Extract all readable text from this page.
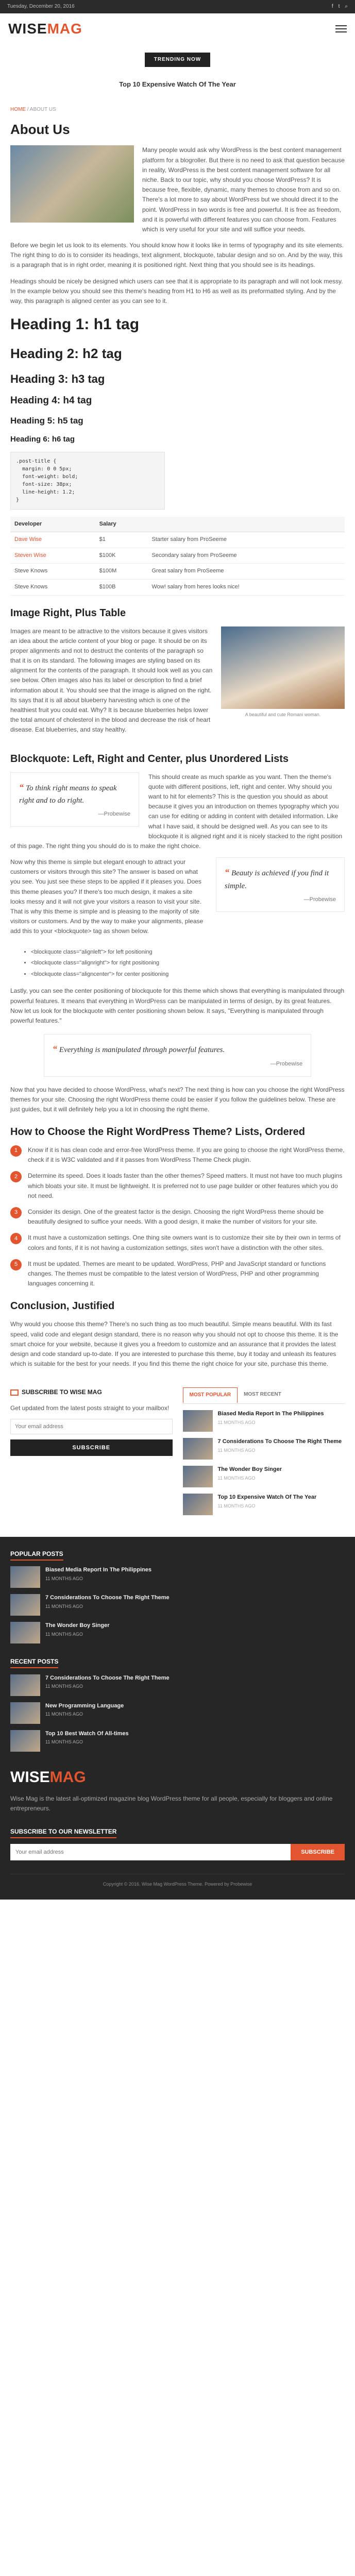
Tuesday, December 20, 2016	f t ⌕
WISEMAG
TRENDING NOW
Top 10 Expensive Watch Of The Year
HOME / ABOUT US
About Us

Many people would ask why WordPress is the best content management platform for a blogroller. But there is no need to ask that question because in reality, WordPress is the best content management software for all niche. Back to our topic, why should you choose WordPress? It is because free, flexible, dynamic, many themes to choose from and so on. There's a lot more to say about WordPress but we should direct it to the point. WordPress in two words is free and powerful. It is free as freedom, and it is powerful with different features you can choose from. Features which is very useful for your site and will suffice your needs.

Before we begin let us look to its elements. You should know how it looks like in terms of typography and its site elements. The right thing to do is to consider its headings, text alignment, blockquote, tabular design and so on. And by the way, this is a paragraph that is in right order, meaning it is positioned right. Next thing that you should see is its headings.

Headings should be nicely be designed which users can see that it is appropriate to its paragraph and will not look messy. In the example below you should see this theme's heading from H1 to H6 as well as its preformatted styling. And by the way, this paragraph is aligned center as you can see to it.

Heading 1: h1 tag
Heading 2: h2 tag
Heading 3: h3 tag
Heading 4: h4 tag
Heading 5: h5 tag
Heading 6: h6 tag
.post-title {
margin: 0 0 5px;
font-weight: bold;
font-size: 38px;
line-height: 1.2;
}
Developer	Salary	
Dave Wise	$1	Starter salary from ProSeeme
Steven Wise	$100K	Secondary salary from ProSeeme
Steve Knows	$100M	Great salary from ProSeeme
Steve Knows	$100B	Wow! salary from heres looks nice!
Image Right, Plus Table
A beautiful and cute Romani woman.

Images are meant to be attractive to the visitors because it gives visitors an idea about the article content of your blog or page. It should be on its proper alignments and not to destruct the contents of the paragraph so that it is on its standard. The following images are styling based on its alignment for the contents of the paragraph. It should look well as you can see below. Often images also has its label or description to find a brief information about it. You should see that the image is aligned on the right. Its says that it is all about blueberry harvesting which is one of the healthiest fruit you could eat. Why? It is because blueberries helps lower the total amount of cholesterol in the blood and decrease the risk of heart disease. Eat blueberries, and stay healthy.

Blockquote: Left, Right and Center, plus Unordered Lists
“ To think right means to speak right and to do right.
—Probewise

This should create as much sparkle as you want. Then the theme's quote with different positions, left, right and center. Why should you want to hit for elements? This is the question you should as about because it gives you an introduction on themes typography which you can use for editing or adding in content with detailed information. Like what I have said, it should be designed well. As you can see to its blockquote it is aligned right and it is nicely stacked to the right position of this page. The right thing you should do is to make the right choice.

“ Beauty is achieved if you find it simple.
—Probewise

Now why this theme is simple but elegant enough to attract your customers or visitors through this site? The answer is based on what you see. You just see these steps to be applied if it pleases you. Does this theme pleases you? If there's too much design, it makes a site looks messy and it will not give your visitors a reason to visit your site. That is why this theme is simple and is pleasing to the majority of site visitors or customers. And by the way to make your alignments, please add this to your <blockquote> tag as shown below.

• <blockquote class="alignleft"> for left positioning
• <blockquote class="alignright"> for right positioning
• <blockquote class="aligncenter"> for center positioning

Lastly, you can see the center positioning of blockquote for this theme which shows that everything is manipulated through powerful features. It means that everything in WordPress can be manipulated in terms of design, by its great features. Now let us look for the blockquote with center positioning shown below. It says, "Everything is manipulated through powerful features."

“ Everything is manipulated through powerful features.
—Probewise

Now that you have decided to choose WordPress, what's next? The next thing is how can you choose the right WordPress themes for your site. Choosing the right WordPress theme could be easier if you follow the guidelines below. These are just guides, but it will definitely help you a lot in choosing the right theme.

How to Choose the Right WordPress Theme? Lists, Ordered
1	Know if it is has clean code and error-free WordPress theme. If you are going to choose the right WordPress theme, check if it is W3C validated and if it passes from WordPress Theme Check plugin.
2	Determine its speed. Does it loads faster than the other themes? Speed matters. It must not have too much plugins which bloats your site. It must be lightweight. It is preferred not to use page builder or other features which you do not need.
3	Consider its design. One of the greatest factor is the design. Choosing the right WordPress theme should be beautifully designed to suffice your needs. With a good design, it make the number of visitors for your site.
4	It must have a customization settings. One thing site owners want is to customize their site by their own in terms of colors and fonts, if it is not having a customization settings, sites won't have a distinction with the other sites.
5	It must be updated. Themes are meant to be updated. WordPress, PHP and JavaScript standard or functions changes. The themes must be compatible to the latest version of WordPress, PHP and other programming languages concerning it.
Conclusion, Justified

Why would you choose this theme? There's no such thing as too much beautiful. Simple means beautiful. With its fast speed, valid code and elegant design standard, there is no reason why you should not opt to choose this theme. It is the smart choice for your website, because it gives you a freedom to customize and an assurance that it provides the latest design and code standard up-to-date. If you are interested to purchase this theme, buy it today and unleash its features which is suitable for the best for your needs. If you find this theme the right choice for your site, purchase this theme.

SUBSCRIBE TO WISE MAG
Get updated from the latest posts straight to your mailbox!
Your email address SUBSCRIBE
MOST POPULAR	MOST RECENT
Biased Media Report In The Philippines
11 MONTHS AGO
7 Considerations To Choose The Right Theme
11 MONTHS AGO
The Wonder Boy Singer
11 MONTHS AGO
Top 10 Expensive Watch Of The Year
11 MONTHS AGO
POPULAR POSTS
Biased Media Report In The Philippines
11 MONTHS AGO
7 Considerations To Choose The Right Theme
11 MONTHS AGO
The Wonder Boy Singer
11 MONTHS AGO
RECENT POSTS
7 Considerations To Choose The Right Theme
11 MONTHS AGO
New Programming Language
11 MONTHS AGO
Top 10 Best Watch Of All-times
11 MONTHS AGO
WISEMAG
Wise Mag is the latest all-optimized magazine blog WordPress theme for all people, especially for bloggers and online entrepreneurs.
SUBSCRIBE TO OUR NEWSLETTER
Your email address
SUBSCRIBE
Copyright © 2016. Wise Mag WordPress Theme. Powered by Probewise
